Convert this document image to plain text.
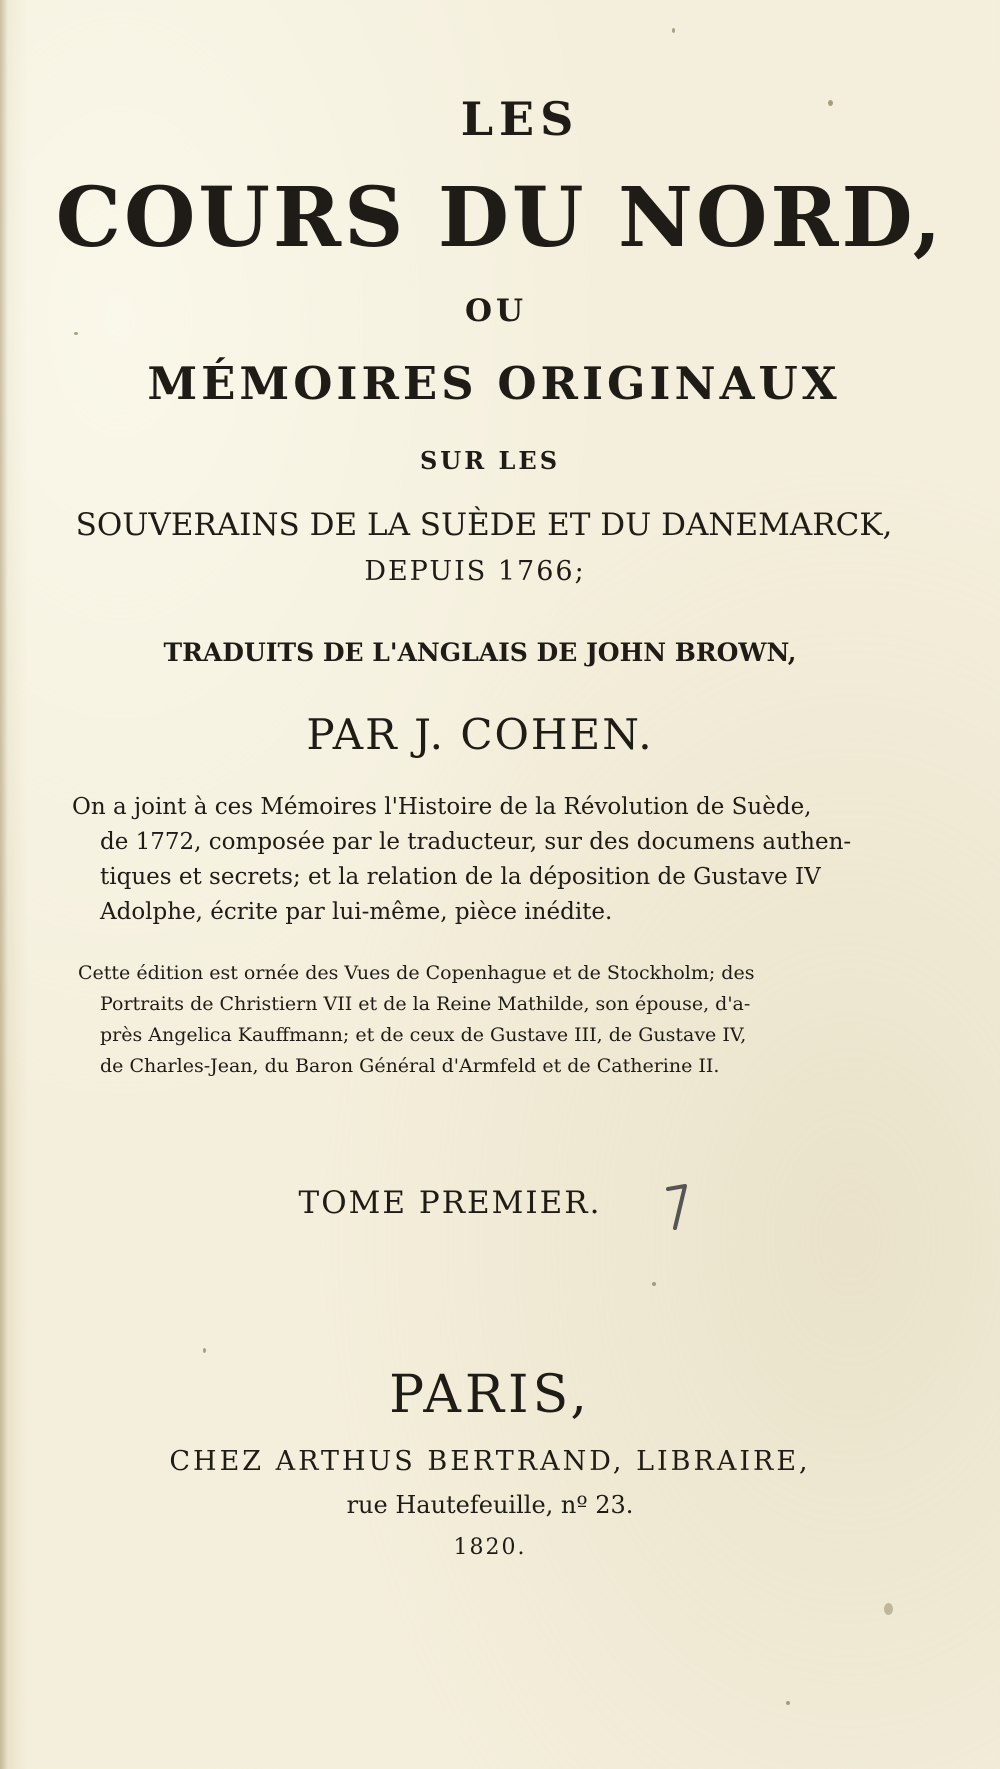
LES

COURS DU NORD,

OU

MÉMOIRES ORIGINAUX

SUR LES

SOUVERAINS DE LA SUÈDE ET DU DANEMARCK,

DEPUIS 1766;

TRADUITS DE L'ANGLAIS DE JOHN BROWN,

PAR J. COHEN.

On a joint à ces Mémoires l'Histoire de la Révolution de Suède,
de 1772, composée par le traducteur, sur des documens authen-
tiques et secrets; et la relation de la déposition de Gustave IV
Adolphe, écrite par lui-même, pièce inédite.
Cette édition est ornée des Vues de Copenhague et de Stockholm; des
Portraits de Christiern VII et de la Reine Mathilde, son épouse, d'a-
près Angelica Kauffmann; et de ceux de Gustave III, de Gustave IV,
de Charles-Jean, du Baron Général d'Armfeld et de Catherine II.

TOME PREMIER.

PARIS,

CHEZ ARTHUS BERTRAND, LIBRAIRE,

rue Hautefeuille, nº 23.

1820.
